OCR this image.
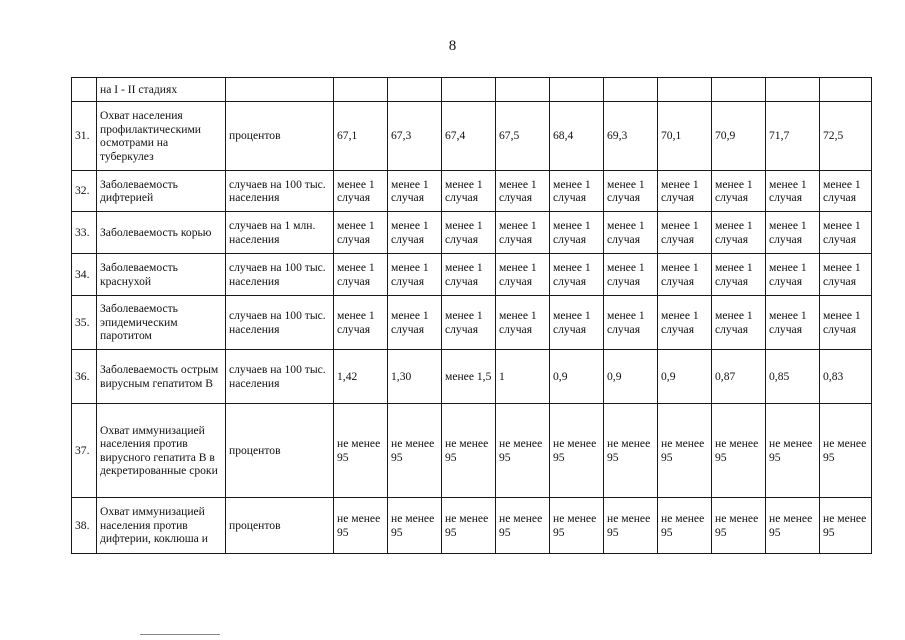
8
	на I - II стадиях											
31.	Охват населения профилактическими осмотрами на туберкулез	процентов	67,1	67,3	67,4	67,5	68,4	69,3	70,1	70,9	71,7	72,5
32.	Заболеваемость дифтерией	случаев на 100 тыс. населения	менее 1 случая	менее 1 случая	менее 1 случая	менее 1 случая	менее 1 случая	менее 1 случая	менее 1 случая	менее 1 случая	менее 1 случая	менее 1 случая
33.	Заболеваемость корью	случаев на 1 млн. населения	менее 1 случая	менее 1 случая	менее 1 случая	менее 1 случая	менее 1 случая	менее 1 случая	менее 1 случая	менее 1 случая	менее 1 случая	менее 1 случая
34.	Заболеваемость краснухой	случаев на 100 тыс. населения	менее 1 случая	менее 1 случая	менее 1 случая	менее 1 случая	менее 1 случая	менее 1 случая	менее 1 случая	менее 1 случая	менее 1 случая	менее 1 случая
35.	Заболеваемость эпидемическим паротитом	случаев на 100 тыс. населения	менее 1 случая	менее 1 случая	менее 1 случая	менее 1 случая	менее 1 случая	менее 1 случая	менее 1 случая	менее 1 случая	менее 1 случая	менее 1 случая
36.	Заболеваемость острым вирусным гепатитом В	случаев на 100 тыс. населения	1,42	1,30	менее 1,5	1	0,9	0,9	0,9	0,87	0,85	0,83
37.	Охват иммунизацией населения против вирусного гепатита В в декретированные сроки	процентов	не менее 95	не менее 95	не менее 95	не менее 95	не менее 95	не менее 95	не менее 95	не менее 95	не менее 95	не менее 95
38.	Охват иммунизацией населения против дифтерии, коклюша и	процентов	не менее 95	не менее 95	не менее 95	не менее 95	не менее 95	не менее 95	не менее 95	не менее 95	не менее 95	не менее 95
